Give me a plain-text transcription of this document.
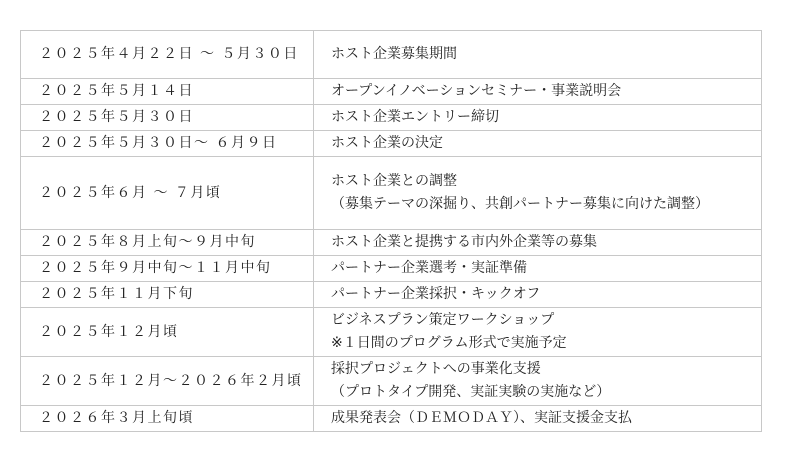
２０２５年４月２２日 ～ ５月３０日	ホスト企業募集期間

２０２５年５月１４日	オープンイノベーションセミナー・事業説明会

２０２５年５月３０日	ホスト企業エントリー締切

２０２５年５月３０日～ ６月９日	ホスト企業の決定

２０２５年６月 ～ ７月頃	ホスト企業との調整
（募集テーマの深掘り、共創パートナー募集に向けた調整）

２０２５年８月上旬～９月中旬	ホスト企業と提携する市内外企業等の募集

２０２５年９月中旬～１１月中旬	パートナー企業選考・実証準備

２０２５年１１月下旬	パートナー企業採択・キックオフ

２０２５年１２月頃	ビジネスプラン策定ワークショップ
※１日間のプログラム形式で実施予定

２０２５年１２月～２０２６年２月頃	採択プロジェクトへの事業化支援
（プロトタイプ開発、実証実験の実施など）

２０２６年３月上旬頃	成果発表会（ＤＥＭＯＤＡＹ）、実証支援金支払
